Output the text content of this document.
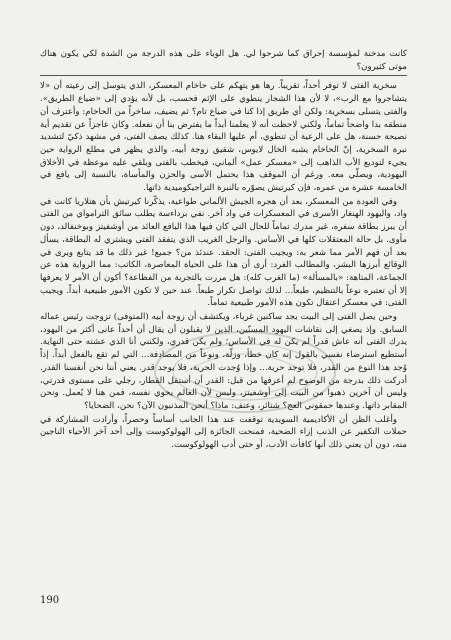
كانت مدخنة لمؤسسة إحراق كما شرحوا لي. هل الوباء على هذه الدرجة من الشدة لكي يكون هناك موتى كثيرون؟

سخرية الفتى لا توفر أحداً، تقريباً. رها هو يتهكم على حاخام المعسكر، الذي يتوسل إلى رعيته أن «لا يتشاجروا مع الرب»، لا لأن هذا الشجار ينطوي على الإثم فحسب، بل لأنه يؤدي إلى «ضياع الطريق». والفتى يتسلى بسخرية: ولكن أي طريق إذا كنا في ضياع تام؟ ثم يضيف، ساخراً من الحاخام: وأعترف أن منطقه بدا واضحاً تماماً، ولكني لاحظت أنه لا يعلمنا أبداً ما يفترض بنا أن نفعله. وكان عاجزاً عن تقديم أية نصيحة حسنة، هل على الرعية أن تنطوي، أم عليها البقاء هنا. كذلك يصف الفتى، في مشهد ذكيّ لتشديد نبرة السخرية، إنّ الحاخام يشبه الخال لايوس، شقيق زوجة أبيه، والذي يظهر في مطلع الرواية حين يجيء لتوديع الأب الذاهب إلى «معسكر عمل» ألماني، فيخطب بالفتى ويلقي عليه موعظة في الأخلاق اليهودية، ويصلّي معه. ورغم أن الموقف هذا يحتمل الأسى والحزن والمأساة، بالنسبة إلى يافع في الخامسة عشرة من عمره، فإن كيرتيش يصوّره بالنبرة التراجيكوميدية ذاتها.

وفي العودة من المعسكر، بعد أن هجره الجيش الألماني طواعية، يذكّرنا كيرتيش بأن هتلاريا كانت في واد، واليهود الهنغار الأسرى في المعسكرات في واد آخر. نفي برداءسة يطلب سائق الترامواي من الفتى أن يبرز بطاقة سفره، غير مدرك تماماً للحال التي كان فيها هذا اليافع العائد من أوشفيتز وبوخنفالد، دون مأوى. بل حالة المعتقلات كلها في الأساس. والرجل الغريب الذي يتفقد الفتى ويشتري له البطاقة، يسأل بعد أن فهم الأمر مما شعر به: ويجيب الفتى: الحقد. عندئذ من؟ جميع! غير ذلك ما قد يتابع ويرى في الوقائع أبرزها البشر، والمطالب الفرد: أرى أن هذا على الحياة المعاصرة، الكاتب: مما الرواية هذه عن الجماعة، المتاهة: «بالمسألة» (ما الغرب كله): هل مررت بالتجربة من الفظاعة؟ أكون أن الأمر لا يعرفها إلا أن تعتبره نوعاً بالتنظيم، طبعاً... لذلك تواصل تكرار طبعاً. عند حين لا تكون الأمور طبيعية أبداً. ويجيب الفتى: في معسكر اعتقال تكون هذه الأمور طبيعية تماماً.

وحين يصل الفتى إلى البيت يجد ساكنين غرباء، ويكتشف أن زوجة أبيه (المتوفى) تزوجت رئيس عماله السابق. وإذ يصغي إلى نقاشات اليهود المسنّين، الذين لا يقبلون أن يقال أن أحداً عانى أكثر من اليهود، يدرك الفتى أنه عاش قدراً لم يكن له في الأساس؛ ولم يكن قدري، ولكنني أنا الذي عشته حتى النهاية. أستطيع استرضاء نفسي بالقول إنه كان خطأ، وزلّة، ونوعاً من المصادفة... التي لم تقع بالفعل أبداً. إذاً وُجد هذا النوع من القدر، فلا توجد حرية... وإذا وُجدت الحرية، فلا يوجد قدر. يعني أننا نحن أنفسنا القدر. أدركت ذلك بدرجة من الوضوح لم أعرفها من قبل: القدر أن أستقل القطار، رجلي على مستوى قدرتي، وليس أن آخرين ذهبوا من البيت إلى أوشفيتز، وليس لأن العالم يحوي نفسه، فمن هنا لا يُعمل. ونحن المقابر ذاتها. وعندها حمقوني العج؟ شتائر، وعنف: ماذا؟ أنحن المذنبون الآن؟ نحن، الضحايا؟

وأغلب الظن أن الأكاديمية السويدية توقفت عند هذا الجانب أساساً وحصراً، وأرادت المشاركة في حملات التكفير عن الذنب إزاء الضحية، فمنحت الجائزة إلى الهولوكوست وإلى أحد آخر الأحياء الناجين منه، دون أن يعني ذلك أنها كافأت الأدب، أو حتى أدب الهولوكوست.

190
